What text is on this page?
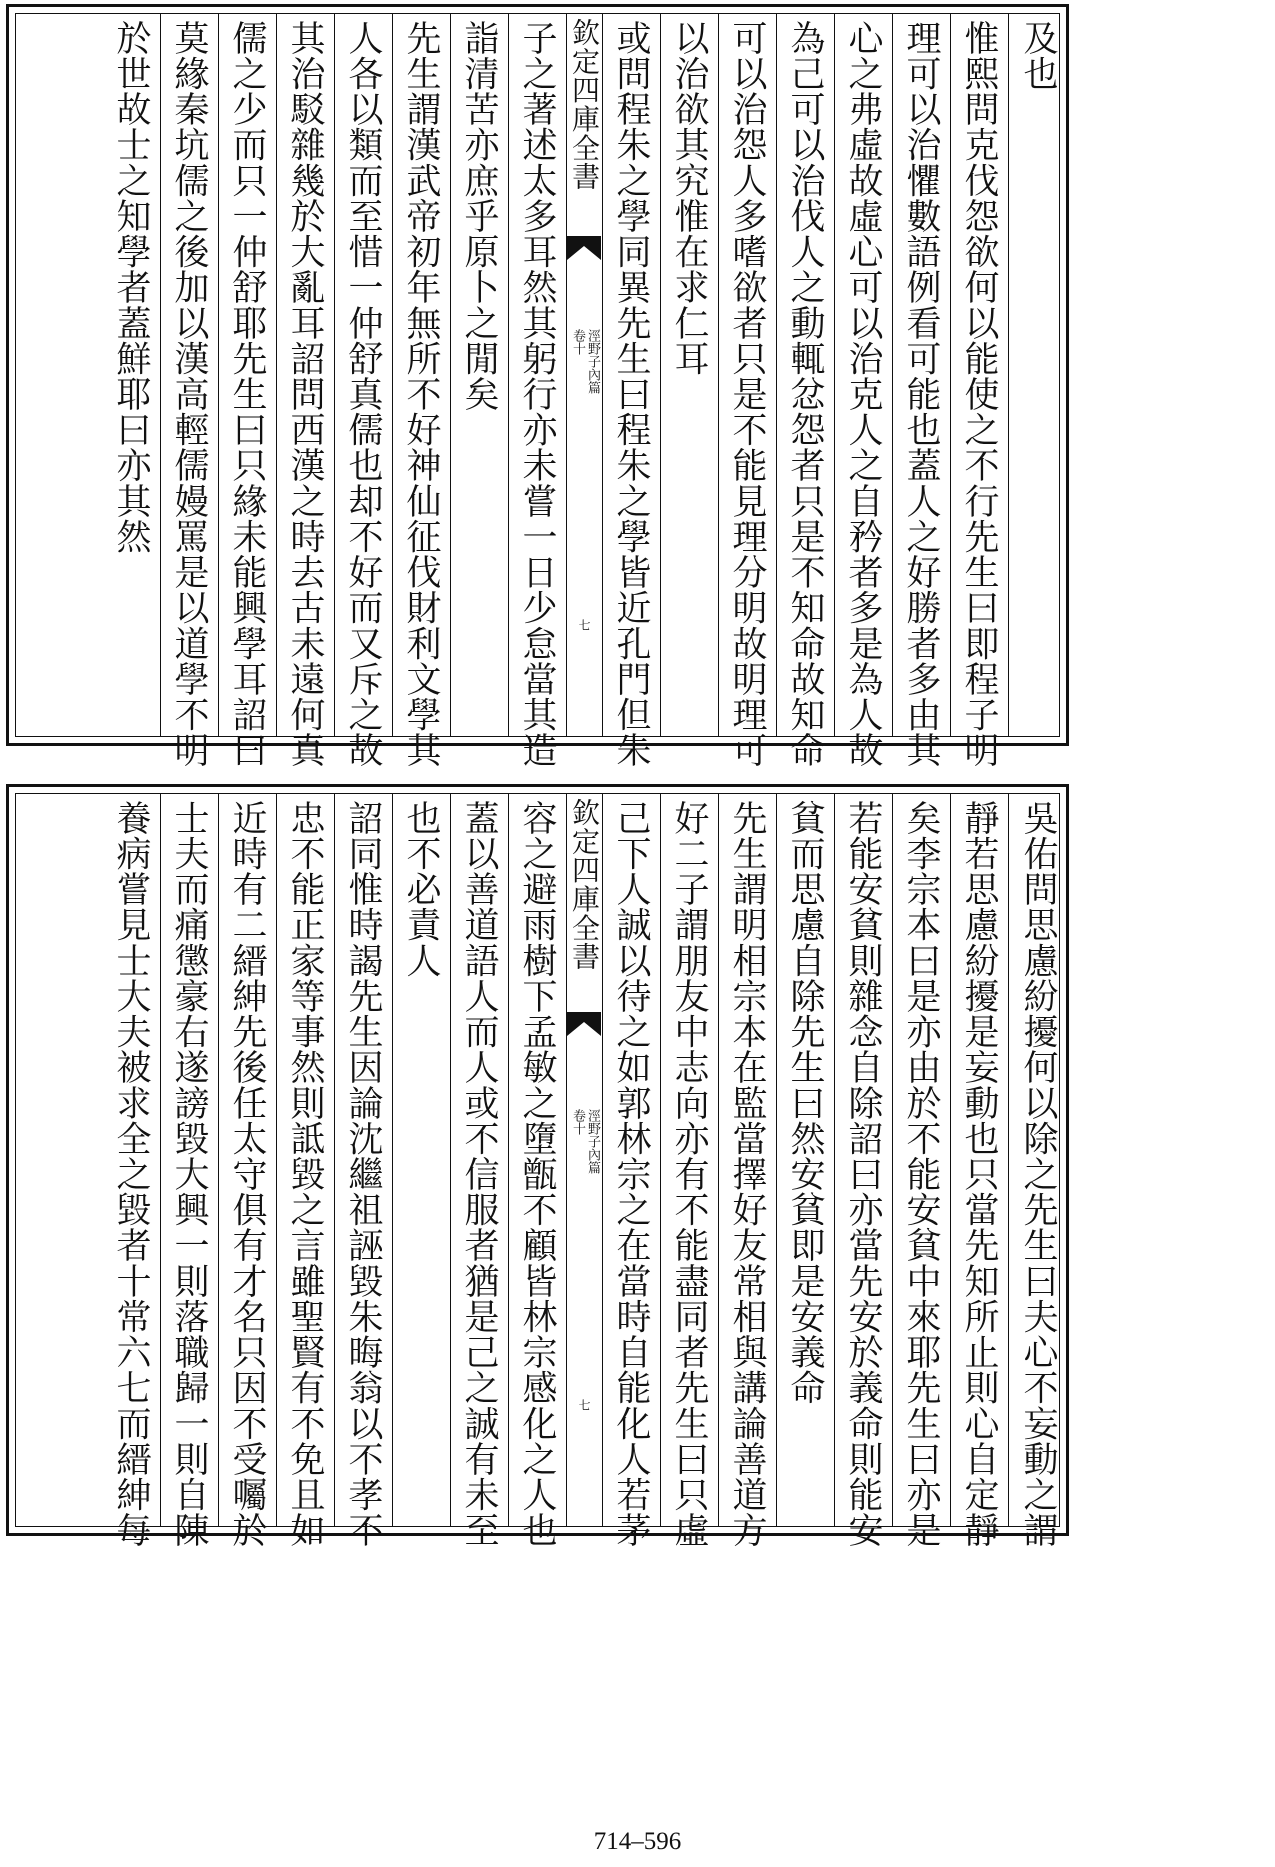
及也
惟熙問克伐怨欲何以能使之不行先生曰即程子明
理可以治懼數語例看可能也蓋人之好勝者多由其
心之弗虛故虛心可以治克人之自矜者多是為人故
為己可以治伐人之動輒忿怨者只是不知命故知命
可以治怨人多嗜欲者只是不能見理分明故明理可
以治欲其究惟在求仁耳
或問程朱之學同異先生曰程朱之學皆近孔門但朱
欽定四庫全書
涇野子內篇
卷十
七
子之著述太多耳然其躬行亦未嘗一日少怠當其造
詣清苦亦庶乎原卜之閒矣
先生謂漢武帝初年無所不好神仙征伐財利文學其
人各以類而至惜一仲舒真儒也却不好而又斥之故
其治駁雜幾於大亂耳詔問西漢之時去古未遠何真
儒之少而只一仲舒耶先生曰只緣未能興學耳詔曰
莫緣秦坑儒之後加以漢高輕儒嫚罵是以道學不明
於世故士之知學者蓋鮮耶曰亦其然
吳佑問思慮紛擾何以除之先生曰夫心不妄動之謂
靜若思慮紛擾是妄動也只當先知所止則心自定靜
矣李宗本曰是亦由於不能安貧中來耶先生曰亦是
若能安貧則雜念自除詔曰亦當先安於義命則能安
貧而思慮自除先生曰然安貧即是安義命
先生謂明相宗本在監當擇好友常相與講論善道方
好二子謂朋友中志向亦有不能盡同者先生曰只虛
己下人誠以待之如郭林宗之在當時自能化人若茅
欽定四庫全書
涇野子內篇
卷十
七
容之避雨樹下孟敏之墮甑不顧皆林宗感化之人也
蓋以善道語人而人或不信服者猶是己之誠有未至
也不必責人
詔同惟時謁先生因論沈繼祖誣毀朱晦翁以不孝不
忠不能正家等事然則詆毀之言雖聖賢有不免且如
近時有二縉紳先後任太守俱有才名只因不受囑於
士夫而痛懲豪右遂謗毀大興一則落職歸一則自陳
養病嘗見士大夫被求全之毀者十常六七而縉紳每
714–596
